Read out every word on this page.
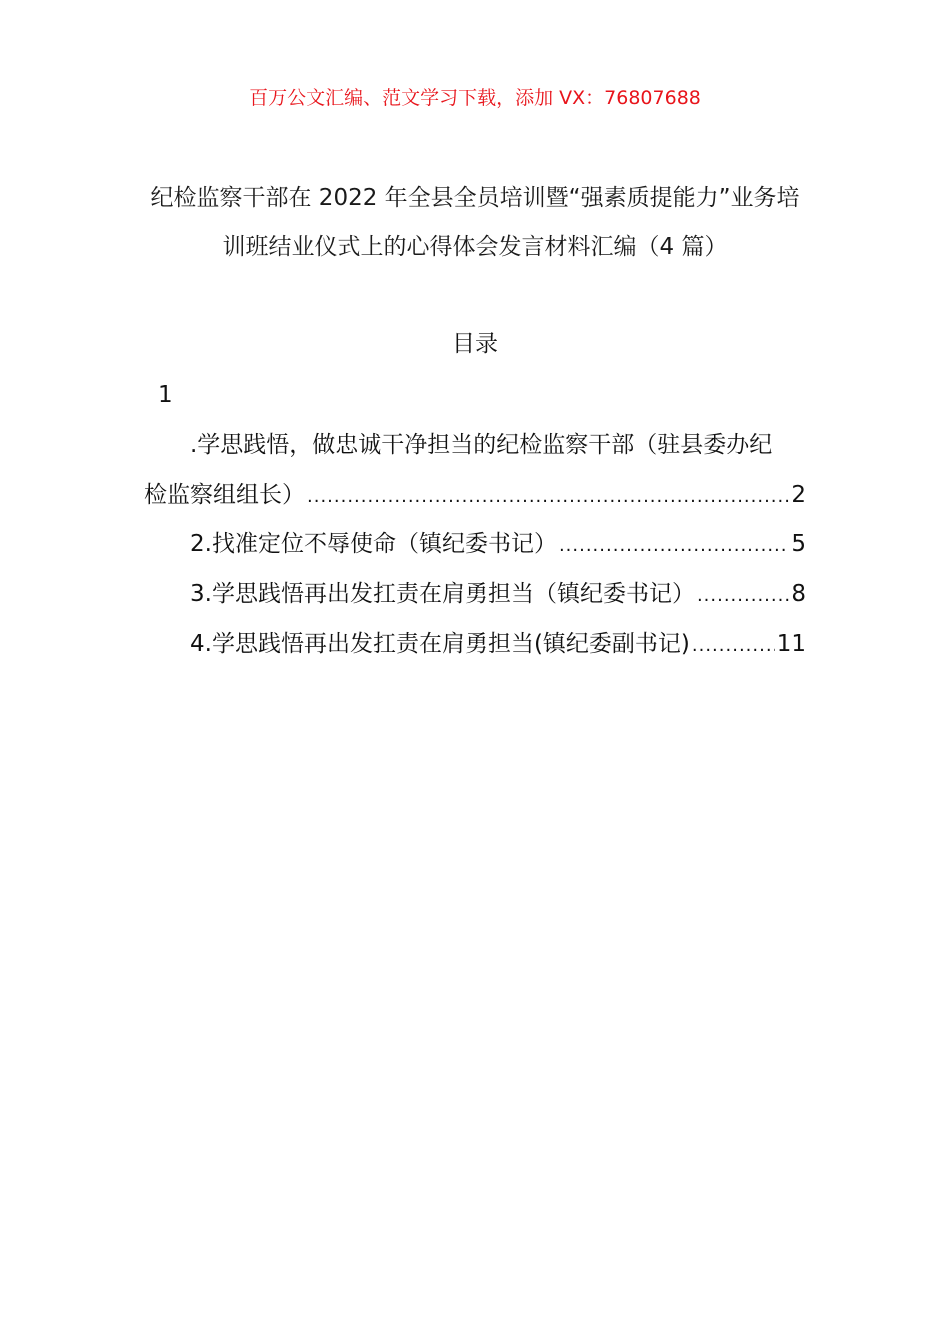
百万公文汇编、范文学习下载，添加 VX：76807688
纪检监察干部在 2022 年全县全员培训暨“强素质提能力”业务培训班结业仪式上的心得体会发言材料汇编（4 篇）
目录
1
.学思践悟，做忠诚干净担当的纪检监察干部（驻县委办纪
检监察组组长） .....	2
2.找准定位不辱使命（镇纪委书记） .....	5
3.学思践悟再出发扛责在肩勇担当（镇纪委书记） .....	8
4.学思践悟再出发扛责在肩勇担当(镇纪委副书记) .....	11
